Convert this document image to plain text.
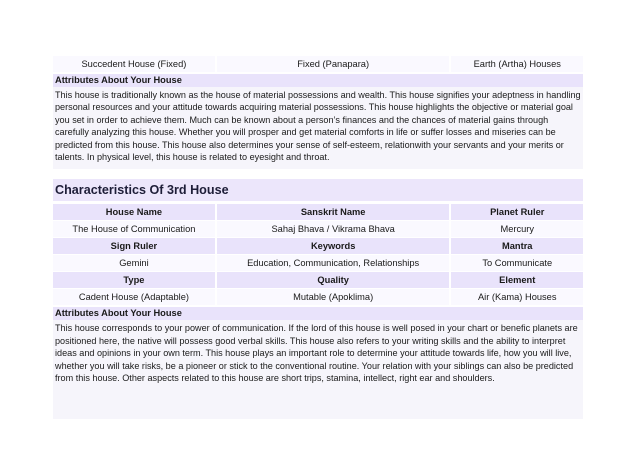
Succedent House (Fixed)	Fixed (Panapara)	Earth (Artha) Houses
Attributes About Your House
This house is traditionally known as the house of material possessions and wealth. This house signifies your adeptness in handling personal resources and your attitude towards acquiring material possessions. This house highlights the objective or material goal you set in order to achieve them. Much can be known about a person’s finances and the chances of material gains through carefully analyzing this house. Whether you will prosper and get material comforts in life or suffer losses and miseries can be predicted from this house. This house also determines your sense of self-esteem, relationwith your servants and your merits or talents. In physical level, this house is related to eyesight and throat.
Characteristics Of 3rd House
House Name	Sanskrit Name	Planet Ruler
The House of Communication	Sahaj Bhava / Vikrama Bhava	Mercury
Sign Ruler	Keywords	Mantra
Gemini	Education, Communication, Relationships	To Communicate
Type	Quality	Element
Cadent House (Adaptable)	Mutable (Apoklima)	Air (Kama) Houses
Attributes About Your House
This house corresponds to your power of communication. If the lord of this house is well posed in your chart or benefic planets are positioned here, the native will possess good verbal skills. This house also refers to your writing skills and the ability to interpret ideas and opinions in your own term. This house plays an important role to determine your attitude towards life, how you will live, whether you will take risks, be a pioneer or stick to the conventional routine. Your relation with your siblings can also be predicted from this house. Other aspects related to this house are short trips, stamina, intellect, right ear and shoulders.
